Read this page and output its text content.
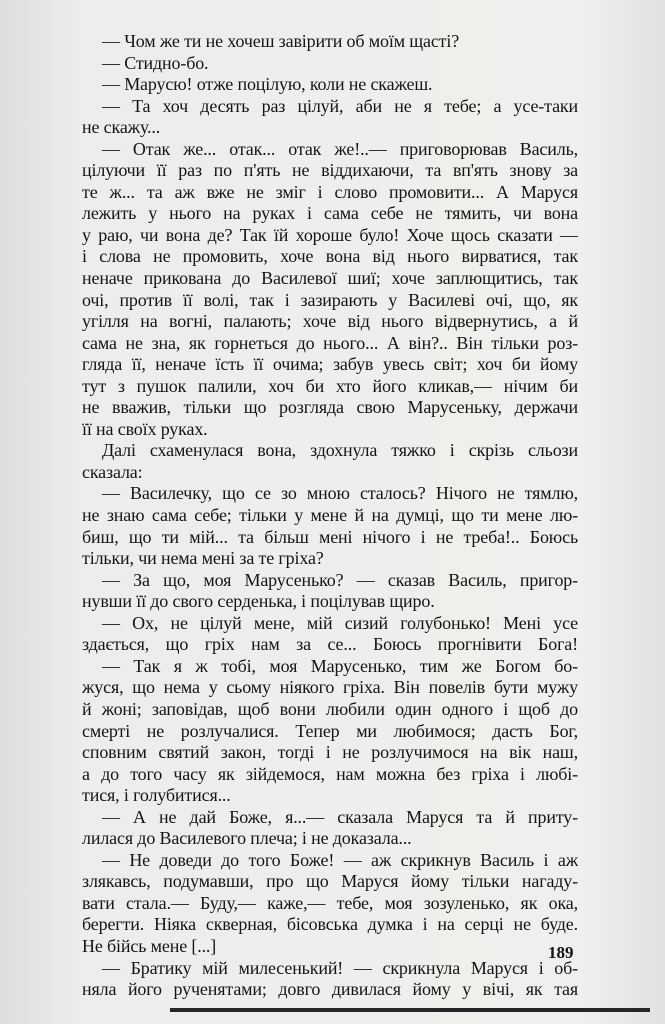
— Чом же ти не хочеш завірити об моїм щасті?
— Стидно-бо.
— Марусю! отже поцілую, коли не скажеш.
— Та хоч десять раз цілуй, аби не я тебе; а усе-таки
не скажу...
— Отак же... отак... отак же!..— приговорював Василь,
цілуючи її раз по п'ять не віддихаючи, та вп'ять знову за
те ж... та аж вже не зміг і слово промовити... А Маруся
лежить у нього на руках і сама себе не тямить, чи вона
у раю, чи вона де? Так їй хороше було! Хоче щось сказати —
і слова не промовить, хоче вона від нього вирватися, так
неначе прикована до Василевої шиї; хоче заплющитись, так
очі, против її волі, так і зазирають у Василеві очі, що, як
угілля на вогні, палають; хоче від нього відвернутись, а й
сама не зна, як горнеться до нього... А він?.. Він тільки роз-
гляда її, неначе їсть її очима; забув увесь світ; хоч би йому
тут з пушок палили, хоч би хто його кликав,— нічим би
не вважив, тільки що розгляда свою Марусеньку, держачи
її на своїх руках.
Далі схаменулася вона, здохнула тяжко і скрізь сльози
сказала:
— Василечку, що се зо мною сталось? Нічого не тямлю,
не знаю сама себе; тільки у мене й на думці, що ти мене лю-
биш, що ти мій... та більш мені нічого і не треба!.. Боюсь
тільки, чи нема мені за те гріха?
— За що, моя Марусенько? — сказав Василь, пригор-
нувши її до свого серденька, і поцілував щиро.
— Ох, не цілуй мене, мій сизий голубонько! Мені усе
здається, що гріх нам за се... Боюсь прогнівити Бога!
— Так я ж тобі, моя Марусенько, тим же Богом бо-
жуся, що нема у сьому ніякого гріха. Він повелів бути мужу
й жоні; заповідав, щоб вони любили один одного і щоб до
смерті не розлучалися. Тепер ми любимося; дасть Бог,
сповним святий закон, тогді і не розлучимося на вік наш,
а до того часу як зійдемося, нам можна без гріха і любі-
тися, і голубитися...
— А не дай Боже, я...— сказала Маруся та й приту-
лилася до Василевого плеча; і не доказала...
— Не доведи до того Боже! — аж скрикнув Василь і аж
злякавсь, подумавши, про що Маруся йому тільки нагаду-
вати стала.— Буду,— каже,— тебе, моя зозуленько, як ока,
берегти. Ніяка скверная, бісовська думка і на серці не буде.
Не бійсь мене [...]
— Братику мій милесенький! — скрикнула Маруся і об-
няла його рученятами; довго дивилася йому у вічі, як тая
189
